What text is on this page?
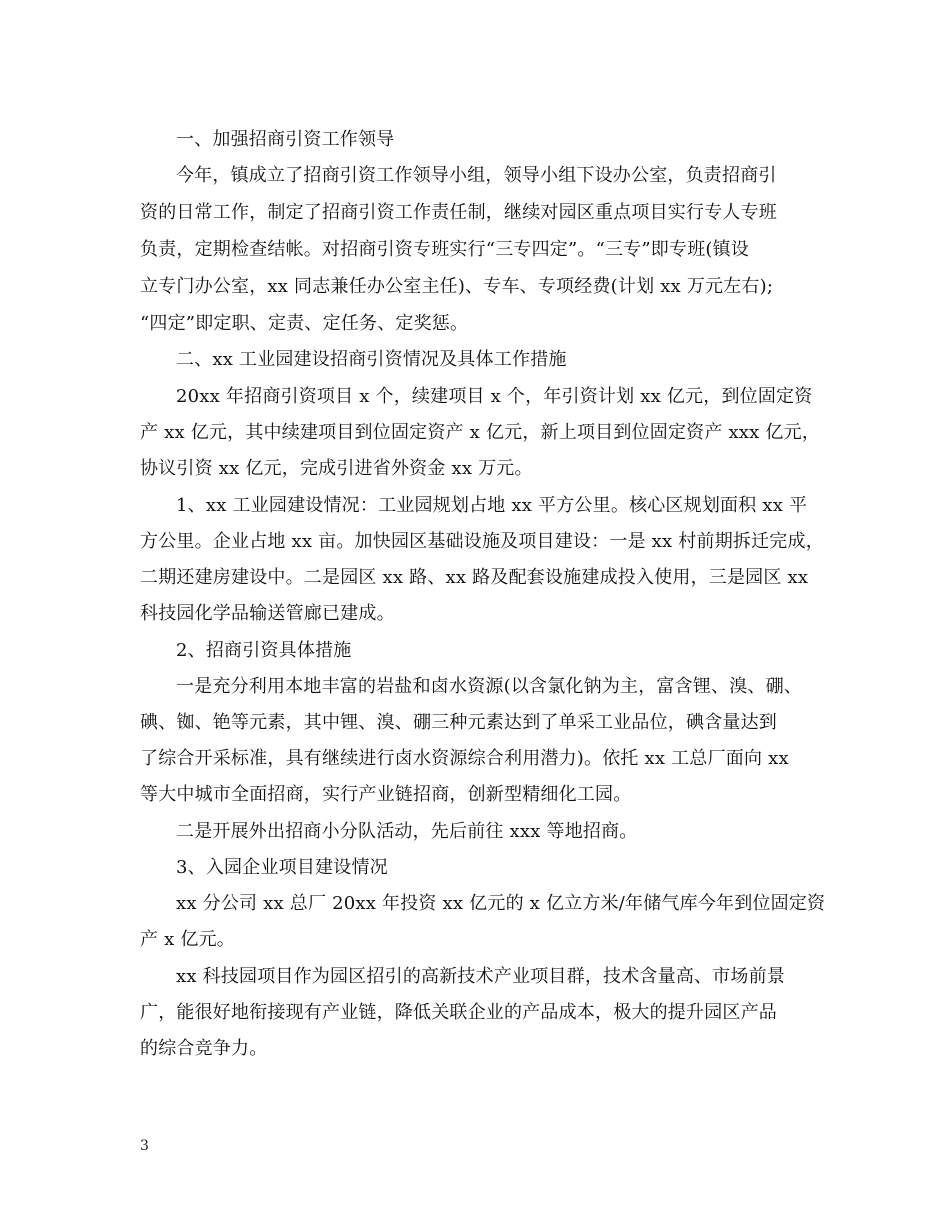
一、加强招商引资工作领导
今年，镇成立了招商引资工作领导小组，领导小组下设办公室，负责招商引
资的日常工作，制定了招商引资工作责任制，继续对园区重点项目实行专人专班
负责，定期检查结帐。对招商引资专班实行“三专四定”。“三专”即专班(镇设
立专门办公室，xx 同志兼任办公室主任)、专车、专项经费(计划 xx 万元左右);
“四定”即定职、定责、定任务、定奖惩。
二、xx 工业园建设招商引资情况及具体工作措施
20xx 年招商引资项目 x 个，续建项目 x 个，年引资计划 xx 亿元，到位固定资
产 xx 亿元，其中续建项目到位固定资产 x 亿元，新上项目到位固定资产 xxx 亿元，
协议引资 xx 亿元，完成引进省外资金 xx 万元。
1、xx 工业园建设情况：工业园规划占地 xx 平方公里。核心区规划面积 xx 平
方公里。企业占地 xx 亩。加快园区基础设施及项目建设：一是 xx 村前期拆迁完成，
二期还建房建设中。二是园区 xx 路、xx 路及配套设施建成投入使用，三是园区 xx
科技园化学品输送管廊已建成。
2、招商引资具体措施
一是充分利用本地丰富的岩盐和卤水资源(以含氯化钠为主，富含锂、溴、硼、
碘、铷、铯等元素，其中锂、溴、硼三种元素达到了单采工业品位，碘含量达到
了综合开采标准，具有继续进行卤水资源综合利用潜力)。依托 xx 工总厂面向 xx
等大中城市全面招商，实行产业链招商，创新型精细化工园。
二是开展外出招商小分队活动，先后前往 xxx 等地招商。
3、入园企业项目建设情况
xx 分公司 xx 总厂 20xx 年投资 xx 亿元的 x 亿立方米/年储气库今年到位固定资
产 x 亿元。
xx 科技园项目作为园区招引的高新技术产业项目群，技术含量高、市场前景
广，能很好地衔接现有产业链，降低关联企业的产品成本，极大的提升园区产品
的综合竞争力。
3
